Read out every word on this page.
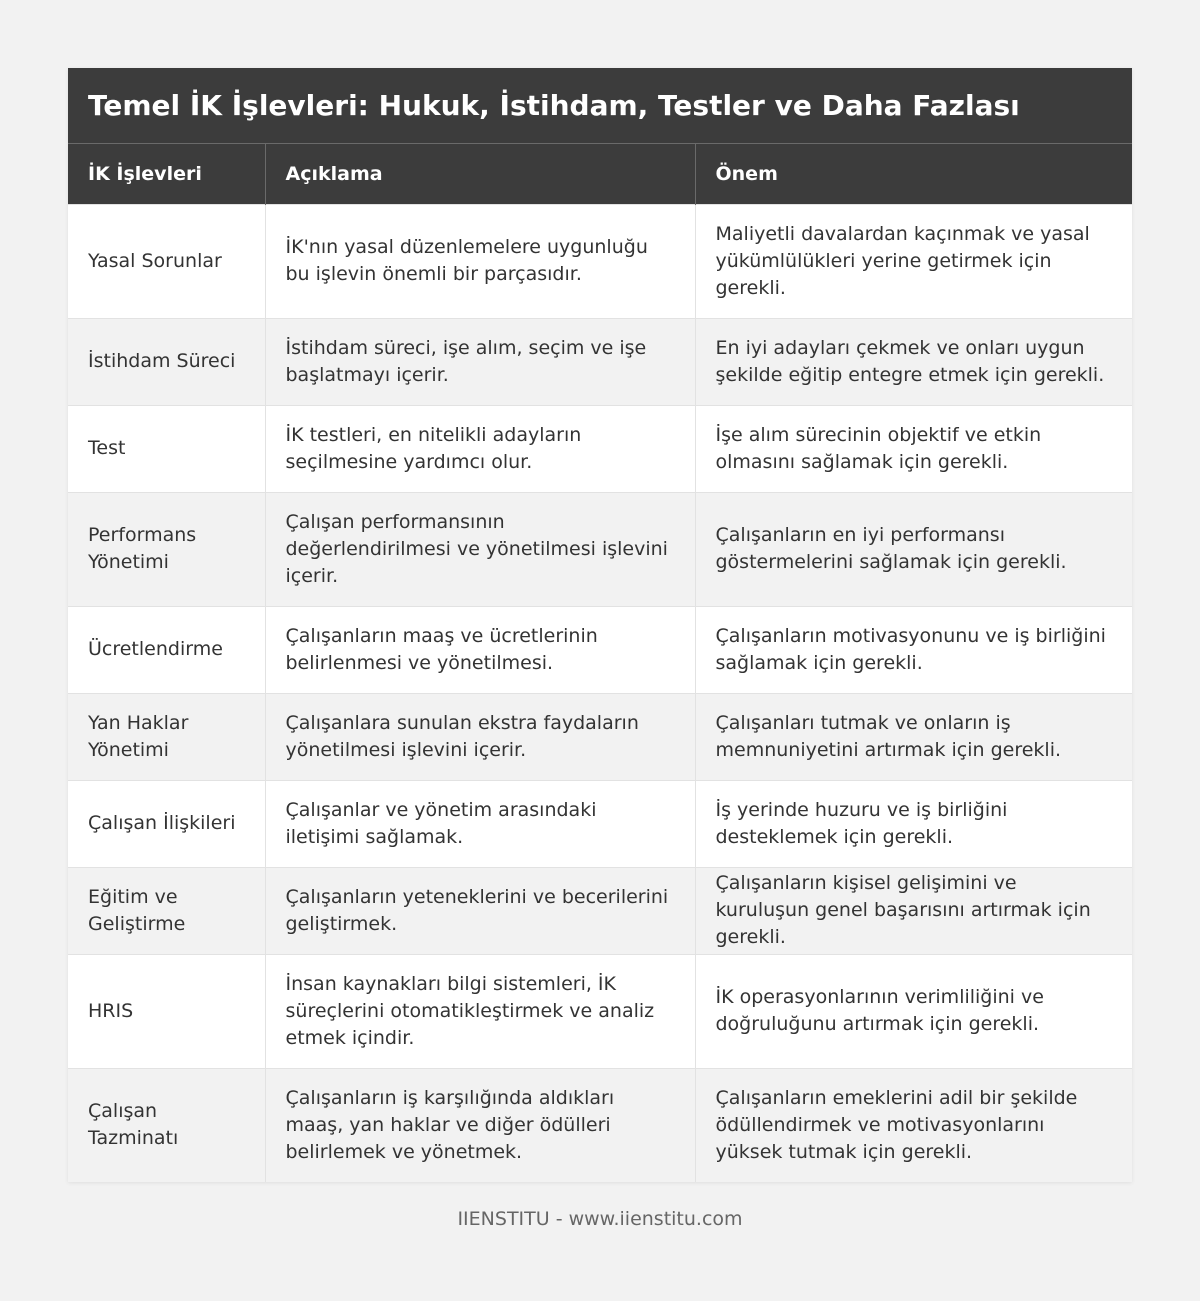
Temel İK İşlevleri: Hukuk, İstihdam, Testler ve Daha Fazlası
İK İşlevleri	Açıklama	Önem
Yasal Sorunlar	İK'nın yasal düzenlemelere uygunluğu bu işlevin önemli bir parçasıdır.	Maliyetli davalardan kaçınmak ve yasal yükümlülükleri yerine getirmek için gerekli.
İstihdam Süreci	İstihdam süreci, işe alım, seçim ve işe başlatmayı içerir.	En iyi adayları çekmek ve onları uygun şekilde eğitip entegre etmek için gerekli.
Test	İK testleri, en nitelikli adayların seçilmesine yardımcı olur.	İşe alım sürecinin objektif ve etkin olmasını sağlamak için gerekli.
Performans Yönetimi	Çalışan performansının değerlendirilmesi ve yönetilmesi işlevini içerir.	Çalışanların en iyi performansı göstermelerini sağlamak için gerekli.
Ücretlendirme	Çalışanların maaş ve ücretlerinin belirlenmesi ve yönetilmesi.	Çalışanların motivasyonunu ve iş birliğini sağlamak için gerekli.
Yan Haklar Yönetimi	Çalışanlara sunulan ekstra faydaların yönetilmesi işlevini içerir.	Çalışanları tutmak ve onların iş memnuniyetini artırmak için gerekli.
Çalışan İlişkileri	Çalışanlar ve yönetim arasındaki iletişimi sağlamak.	İş yerinde huzuru ve iş birliğini desteklemek için gerekli.
Eğitim ve Geliştirme	Çalışanların yeteneklerini ve becerilerini geliştirmek.	Çalışanların kişisel gelişimini ve kuruluşun genel başarısını artırmak için gerekli.
HRIS	İnsan kaynakları bilgi sistemleri, İK süreçlerini otomatikleştirmek ve analiz etmek içindir.	İK operasyonlarının verimliliğini ve doğruluğunu artırmak için gerekli.
Çalışan Tazminatı	Çalışanların iş karşılığında aldıkları maaş, yan haklar ve diğer ödülleri belirlemek ve yönetmek.	Çalışanların emeklerini adil bir şekilde ödüllendirmek ve motivasyonlarını yüksek tutmak için gerekli.
IIENSTITU - www.iienstitu.com
